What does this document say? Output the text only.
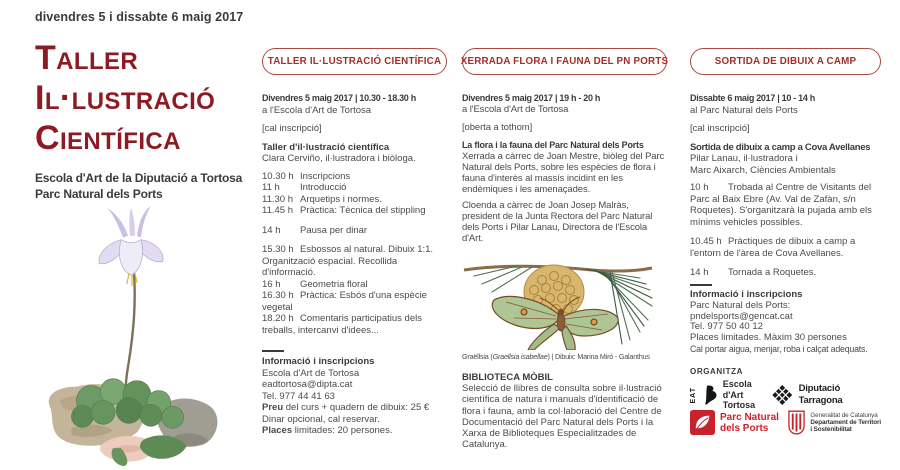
divendres 5 i dissabte 6 maig 2017
Taller
Il·lustració
Científica
Escola d'Art de la Diputació a Tortosa
Parc Natural dels Ports
TALLER IL·LUSTRACIÓ CIENTÍFICA
Divendres 5 maig 2017 | 10.30 - 18.30 h
a l'Escola d'Art de Tortosa
[cal inscripció]
Taller d'il·lustració científica
Clara Cerviño, il·lustradora i biòloga.
10.30 h Inscripcions
11 h Introducció
11.30 h Arquetips i normes.
11.45 h Pràctica: Tècnica del stippling
14 h Pausa per dinar
15.30 h Esbossos al natural. Dibuix 1:1. Organització espacial. Recollida d'informació.
16 h Geometria floral
16.30 h Pràctica: Esbós d'una espècie vegetal
18.20 h Comentaris participatius dels treballs, intercanvi d'idees...
Informació i inscripcions
Escola d'Art de Tortosa
eadtortosa@dipta.cat
Tel. 977 44 41 63
Preu del curs + quadern de dibuix: 25 €
Dinar opcional, cal reservar.
Places limitades: 20 persones.
XERRADA FLORA I FAUNA DEL PN PORTS
Divendres 5 maig 2017 | 19 h - 20 h
a l'Escola d'Art de Tortosa
[oberta a tothom]
La flora i la fauna del Parc Natural dels Ports
Xerrada a càrrec de Joan Mestre, biòleg del Parc Natural dels Ports, sobre les espècies de flora i fauna d'interès al massís incidint en les endèmiques i les amenaçades.
Cloenda a càrrec de Joan Josep Malràs, president de la Junta Rectora del Parc Natural dels Ports i Pilar Lanau, Directora de l'Escola d'Art.
Graëllsia (Graellsia isabellae) | Dibuix: Marina Miró - Galanthus
BIBLIOTECA MÒBIL
Selecció de llibres de consulta sobre il·lustració científica de natura i manuals d'identificació de flora i fauna, amb la col·laboració del Centre de Documentació del Parc Natural dels Ports i la Xarxa de Biblioteques Especialitzades de Catalunya.
SORTIDA DE DIBUIX A CAMP
Dissabte 6 maig 2017 | 10 - 14 h
al Parc Natural dels Ports
[cal inscripció]
Sortida de dibuix a camp a Cova Avellanes
Pilar Lanau, il·lustradora i
Marc Aixarch, Ciències Ambientals
10 h Trobada al Centre de Visitants del Parc al Baix Ebre (Av. Val de Zafàn, s/n Roquetes). S'organitzarà la pujada amb els mínims vehicles possibles.
10.45 h Pràctiques de dibuix a camp a l'entorn de l'àrea de Cova Avellanes.
14 h Tornada a Roquetes.
Informació i inscripcions
Parc Natural dels Ports:
pndelsports@gencat.cat
Tel. 977 50 40 12
Places limitades. Màxim 30 persones
Cal portar aigua, menjar, roba i calçat adequats.
ORGANITZA
EAT
Escola d'Art
Tortosa
Diputació Tarragona
Parc Natural
dels Ports
Generalitat de Catalunya
Departament de Territori
i Sostenibilitat
